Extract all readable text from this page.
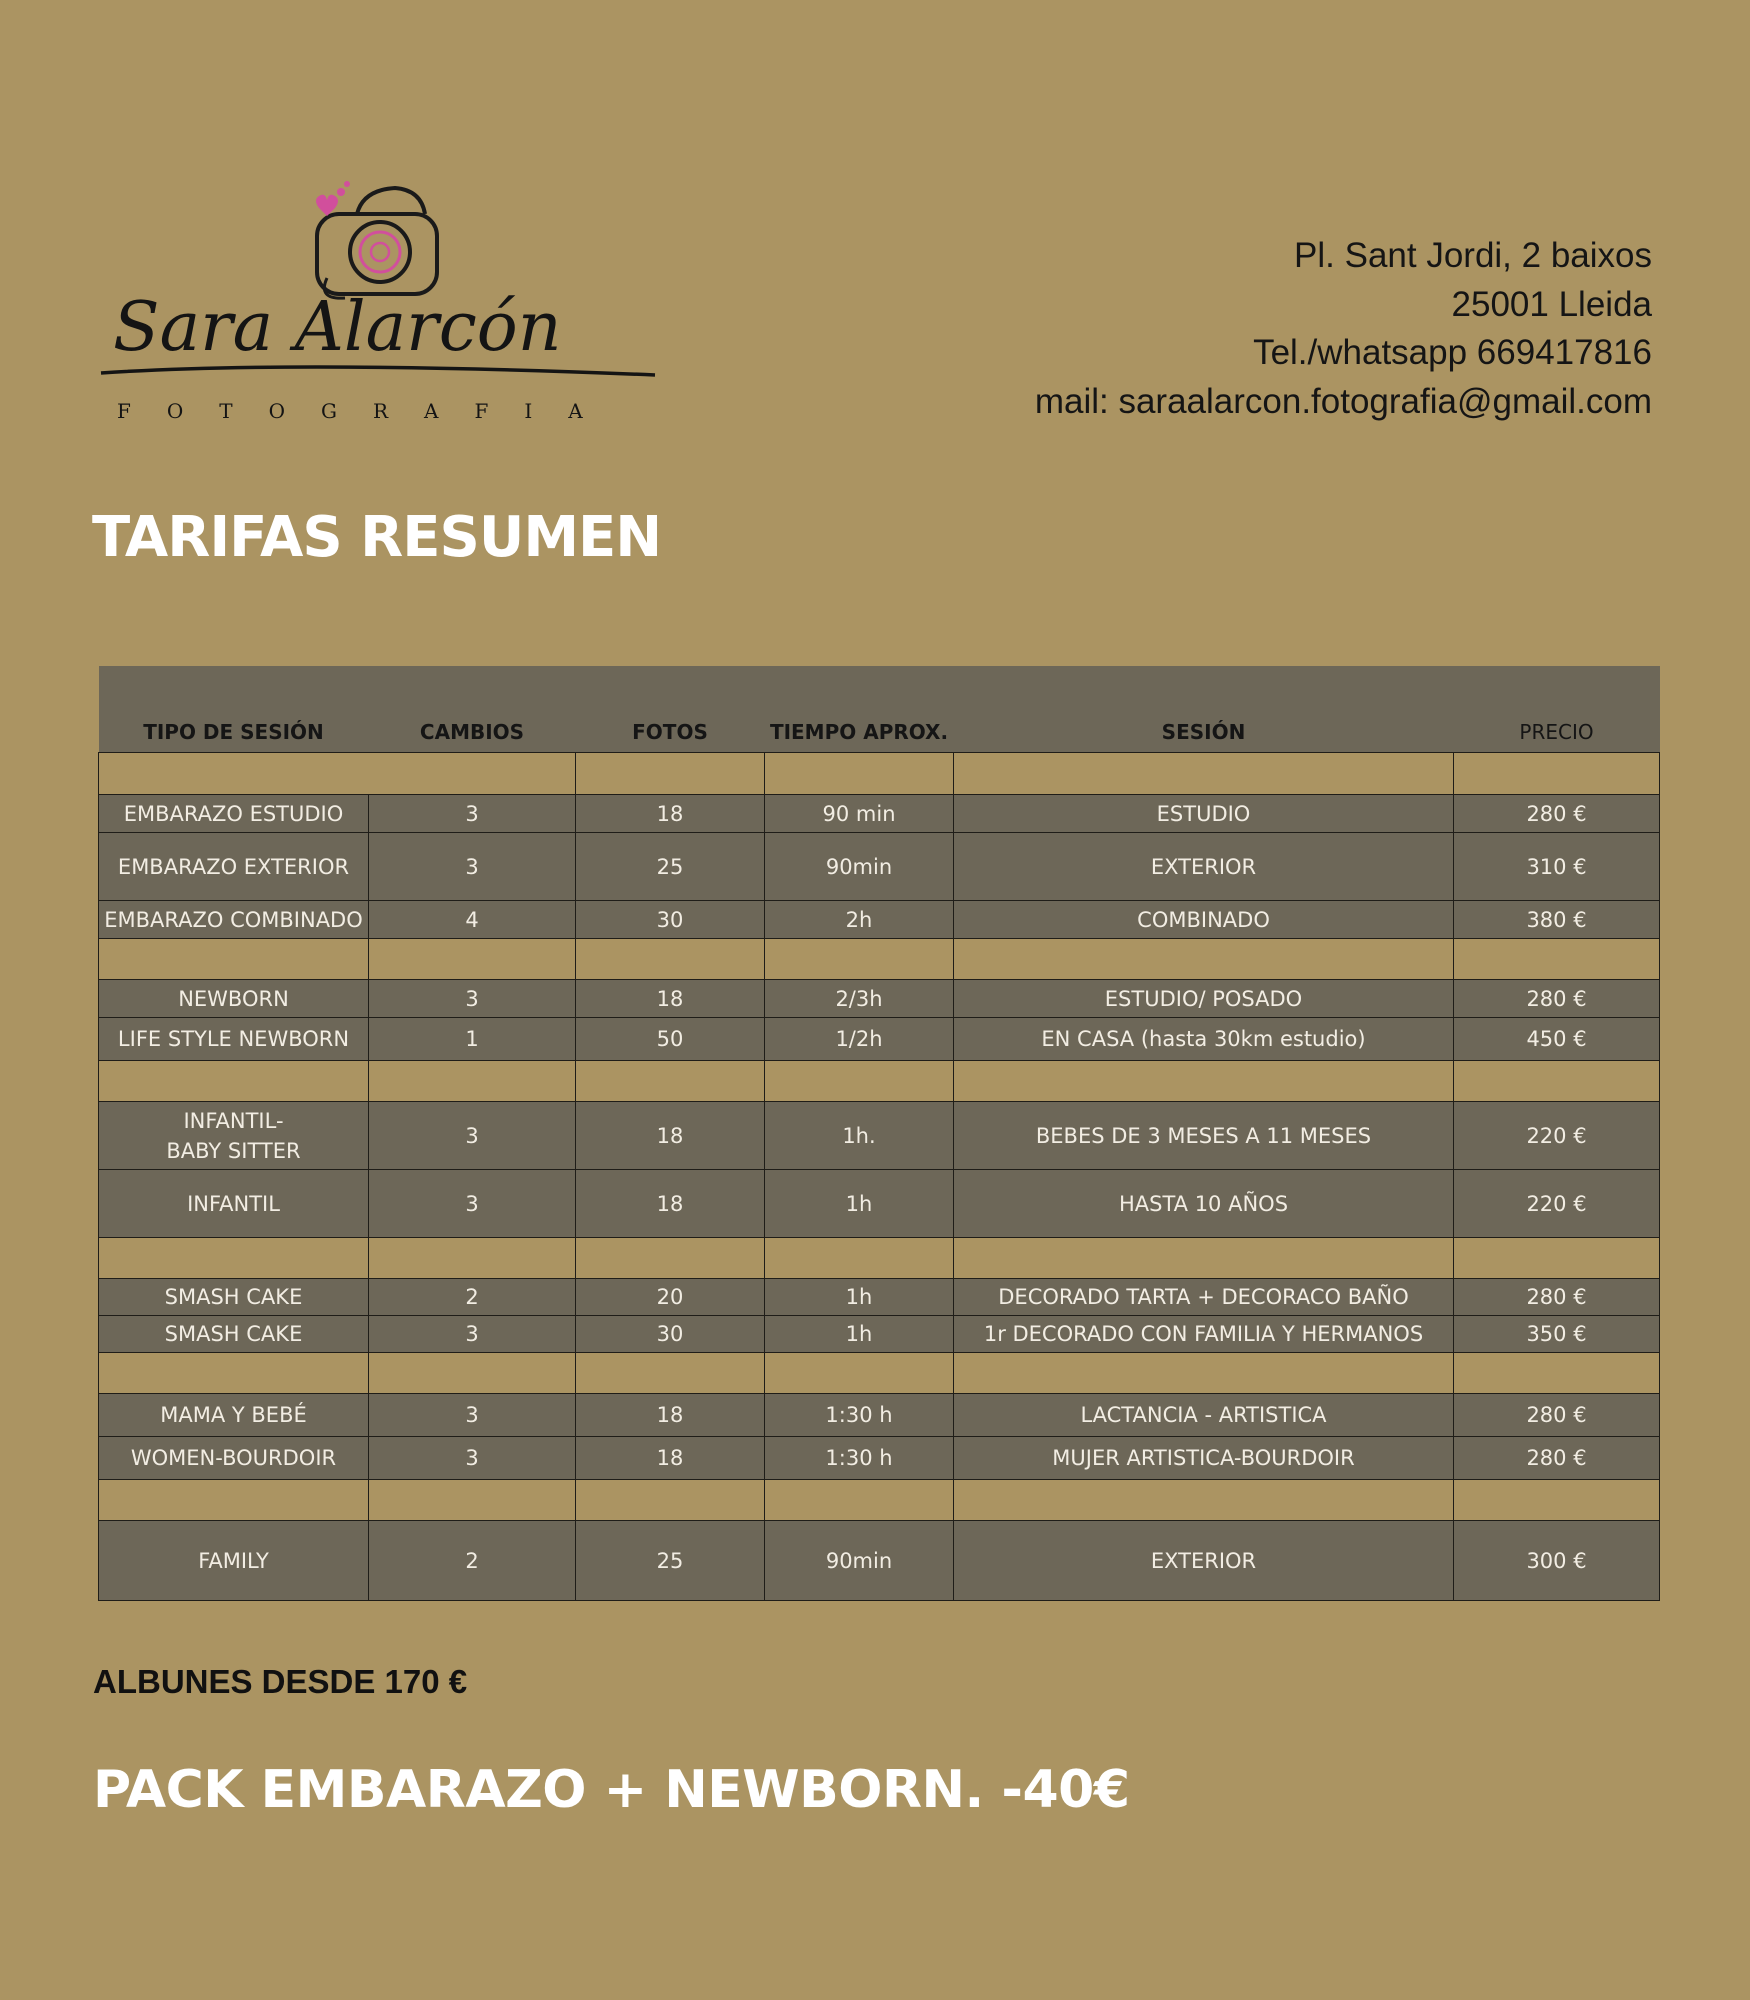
Sara Alarcón
FOTOGRAFIA
Pl. Sant Jordi, 2 baixos
25001 Lleida
Tel./whatsapp 669417816
mail: saraalarcon.fotografia@gmail.com
TARIFAS RESUMEN
TIPO DE SESIÓN	CAMBIOS	FOTOS	TIEMPO APROX.	SESIÓN	PRECIO

EMBARAZO ESTUDIO	3	18	90 min	ESTUDIO	280 €
EMBARAZO EXTERIOR	3	25	90min	EXTERIOR	310 €
EMBARAZO COMBINADO	4	30	2h	COMBINADO	380 €

NEWBORN	3	18	2/3h	ESTUDIO/ POSADO	280 €
LIFE STYLE NEWBORN	1	50	1/2h	EN CASA (hasta 30km estudio)	450 €

INFANTIL-
BABY SITTER	3	18	1h.	BEBES DE 3 MESES A 11 MESES	220 €
INFANTIL	3	18	1h	HASTA 10 AÑOS	220 €

SMASH CAKE	2	20	1h	DECORADO TARTA + DECORACO BAÑO	280 €
SMASH CAKE	3	30	1h	1r DECORADO CON FAMILIA Y HERMANOS	350 €

MAMA Y BEBÉ	3	18	1:30 h	LACTANCIA - ARTISTICA	280 €
WOMEN-BOURDOIR	3	18	1:30 h	MUJER ARTISTICA-BOURDOIR	280 €

FAMILY	2	25	90min	EXTERIOR	300 €

ALBUNES DESDE 170 €

PACK EMBARAZO + NEWBORN. -40€
